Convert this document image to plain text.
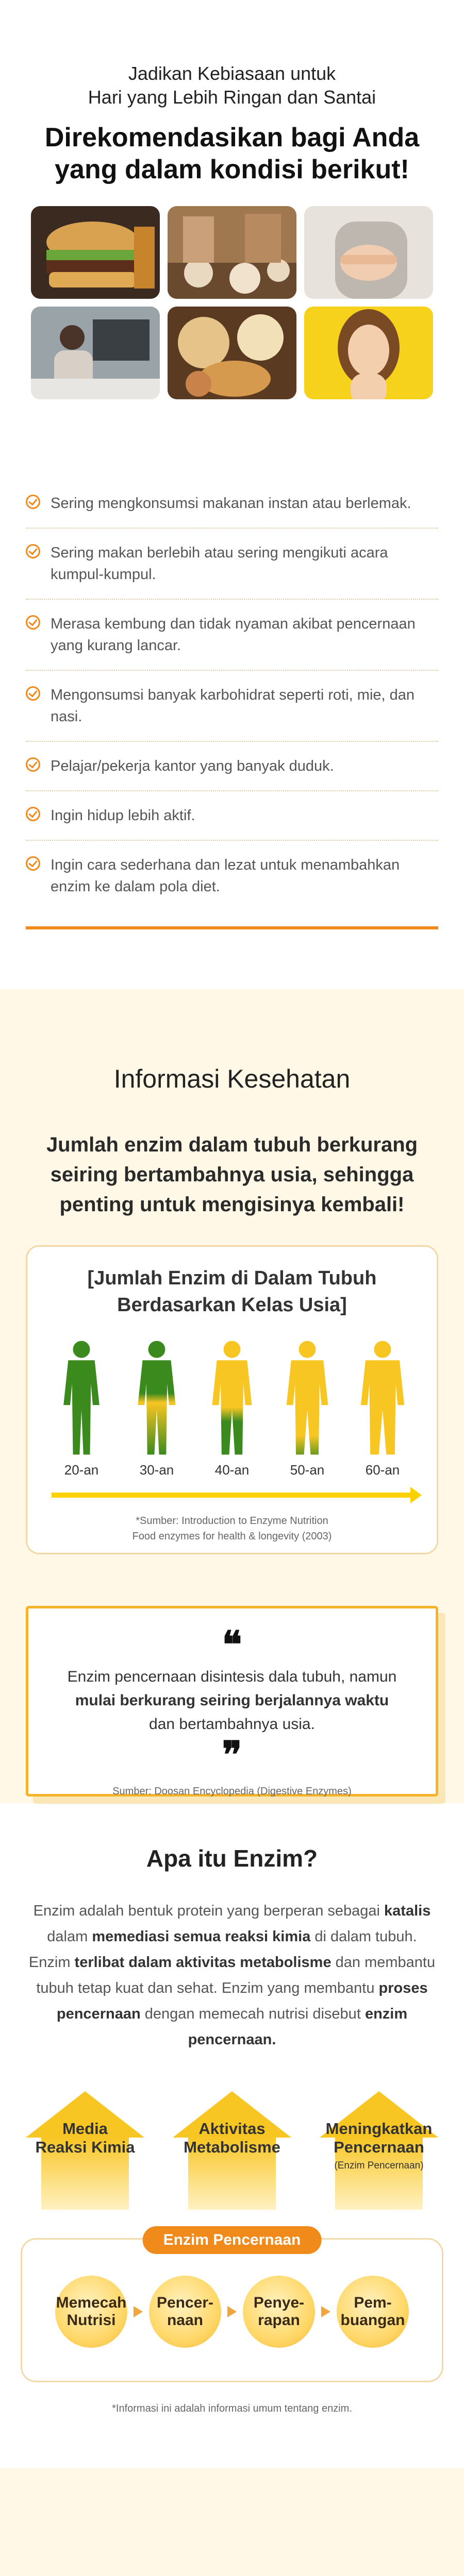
Jadikan Kebiasaan untuk
Hari yang Lebih Ringan dan Santai
Direkomendasikan bagi Anda
yang dalam kondisi berikut!
Sering mengkonsumsi makanan instan atau berlemak.
Sering makan berlebih atau sering mengikuti acara kumpul-kumpul.
Merasa kembung dan tidak nyaman akibat pencernaan yang kurang lancar.
Mengonsumsi banyak karbohidrat seperti roti, mie, dan nasi.
Pelajar/pekerja kantor yang banyak duduk.
Ingin hidup lebih aktif.
Ingin cara sederhana dan lezat untuk menambahkan enzim ke dalam pola diet.
Informasi Kesehatan
Jumlah enzim dalam tubuh berkurang seiring bertambahnya usia, sehingga penting untuk mengisinya kembali!
[Jumlah Enzim di Dalam Tubuh
Berdasarkan Kelas Usia]
20-an	30-an	40-an	50-an	60-an
*Sumber: Introduction to Enzyme Nutrition
Food enzymes for health & longevity (2003)
❝
Enzim pencernaan disintesis dala tubuh, namun
mulai berkurang seiring berjalannya waktu
dan bertambahnya usia.
❞
Sumber: Doosan Encyclopedia (Digestive Enzymes)
Apa itu Enzim?

Enzim adalah bentuk protein yang berperan sebagai katalis
dalam memediasi semua reaksi kimia di dalam tubuh.
Enzim terlibat dalam aktivitas metabolisme dan membantu
tubuh tetap kuat dan sehat. Enzim yang membantu proses
pencernaan dengan memecah nutrisi disebut enzim pencernaan.

Media
Reaksi Kimia
Aktivitas
Metabolisme
Meningkatkan
Pencernaan
(Enzim Pencernaan)
Enzim Pencernaan
Memecah
Nutrisi
Pencer-
naan
Penye-
rapan
Pem-
buangan
*Informasi ini adalah informasi umum tentang enzim.
